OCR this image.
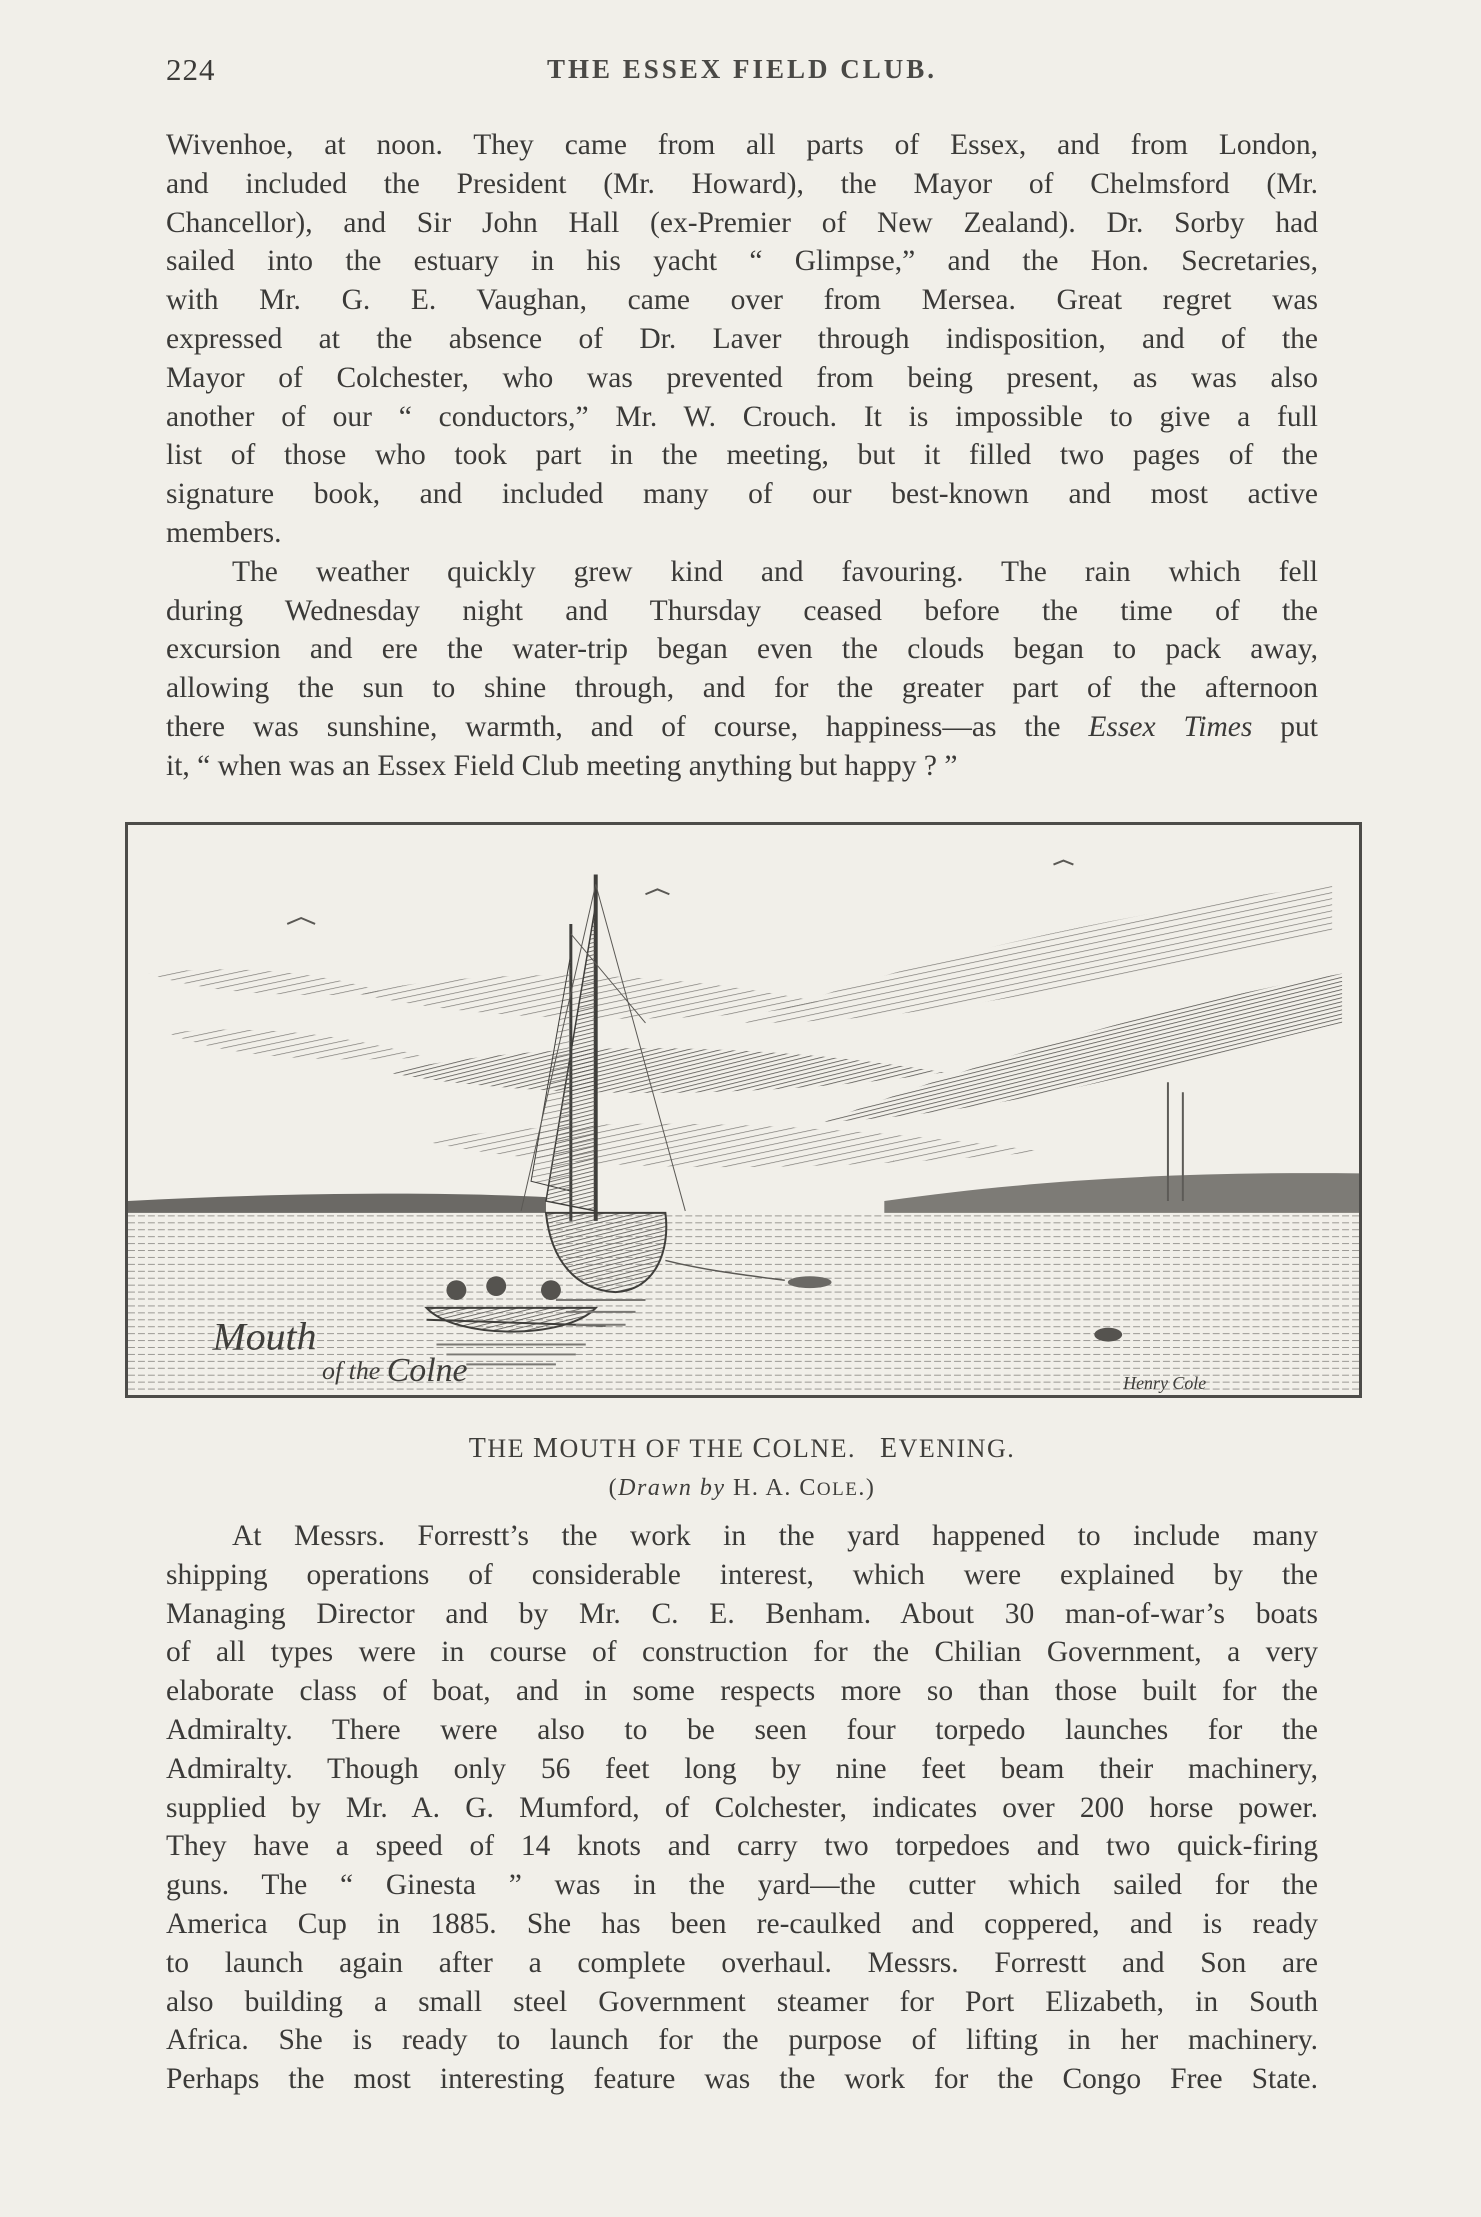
224	THE ESSEX FIELD CLUB.
Wivenhoe, at noon. They came from all parts of Essex, and from London,
and included the President (Mr. Howard), the Mayor of Chelmsford (Mr.
Chancellor), and Sir John Hall (ex-Premier of New Zealand). Dr. Sorby had
sailed into the estuary in his yacht “ Glimpse,” and the Hon. Secretaries,
with Mr. G. E. Vaughan, came over from Mersea. Great regret was
expressed at the absence of Dr. Laver through indisposition, and of the
Mayor of Colchester, who was prevented from being present, as was also
another of our “ conductors,” Mr. W. Crouch. It is impossible to give a full
list of those who took part in the meeting, but it filled two pages of the
signature book, and included many of our best-known and most active
members.
The weather quickly grew kind and favouring. The rain which fell
during Wednesday night and Thursday ceased before the time of the
excursion and ere the water-trip began even the clouds began to pack away,
allowing the sun to shine through, and for the greater part of the afternoon
there was sunshine, warmth, and of course, happiness—as the Essex Times put
it, “ when was an Essex Field Club meeting anything but happy ? ”
Mouth
of the Colne	Henry Cole
THE MOUTH OF THE COLNE. EVENING.
(Drawn by H. A. COLE.)
At Messrs. Forrestt’s the work in the yard happened to include many
shipping operations of considerable interest, which were explained by the
Managing Director and by Mr. C. E. Benham. About 30 man-of-war’s boats
of all types were in course of construction for the Chilian Government, a very
elaborate class of boat, and in some respects more so than those built for the
Admiralty. There were also to be seen four torpedo launches for the
Admiralty. Though only 56 feet long by nine feet beam their machinery,
supplied by Mr. A. G. Mumford, of Colchester, indicates over 200 horse power.
They have a speed of 14 knots and carry two torpedoes and two quick-firing
guns. The “ Ginesta ” was in the yard—the cutter which sailed for the
America Cup in 1885. She has been re-caulked and coppered, and is ready
to launch again after a complete overhaul. Messrs. Forrestt and Son are
also building a small steel Government steamer for Port Elizabeth, in South
Africa. She is ready to launch for the purpose of lifting in her machinery.
Perhaps the most interesting feature was the work for the Congo Free State.
